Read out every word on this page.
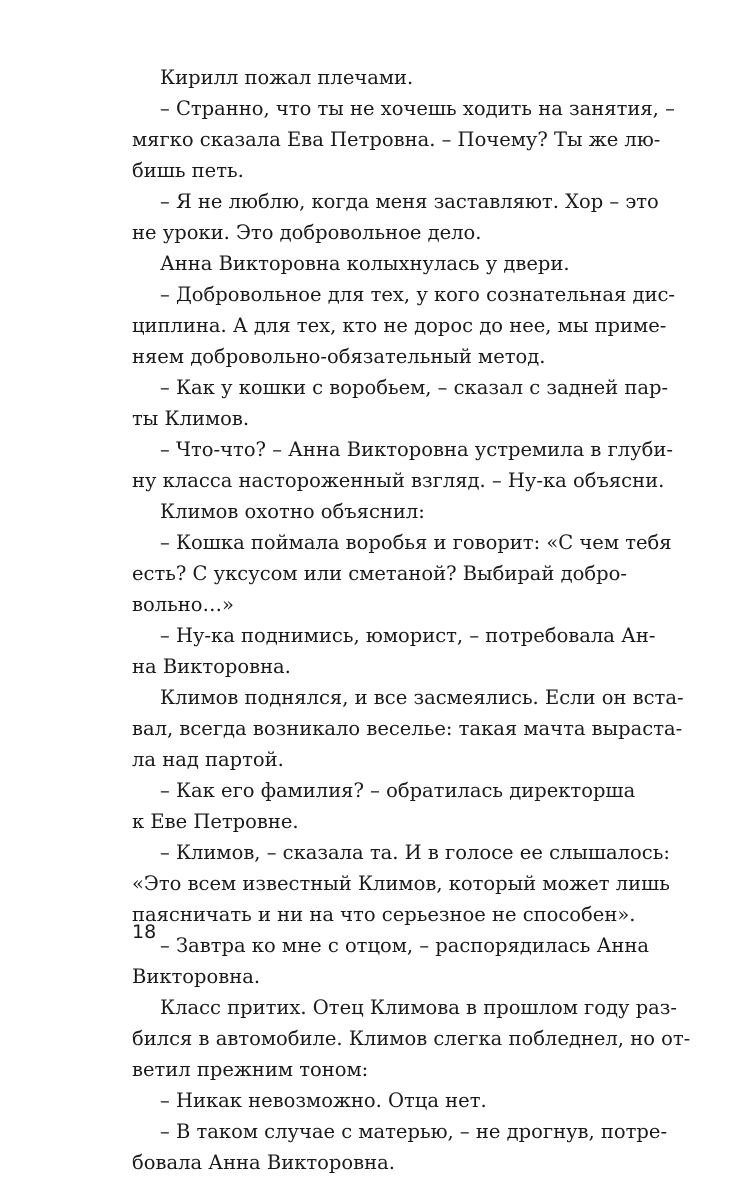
Кирилл пожал плечами.
– Странно, что ты не хочешь ходить на занятия, –
мягко сказала Ева Петровна. – Почему? Ты же лю-
бишь петь.
– Я не люблю, когда меня заставляют. Хор – это
не уроки. Это добровольное дело.
Анна Викторовна колыхнулась у двери.
– Добровольное для тех, у кого сознательная дис-
циплина. А для тех, кто не дорос до нее, мы приме-
няем добровольно-обязательный метод.
– Как у кошки с воробьем, – сказал с задней пар-
ты Климов.
– Что-что? – Анна Викторовна устремила в глуби-
ну класса настороженный взгляд. – Ну-ка объясни.
Климов охотно объяснил:
– Кошка поймала воробья и говорит: «С чем тебя
есть? С уксусом или сметаной? Выбирай добро-
вольно…»
– Ну-ка поднимись, юморист, – потребовала Ан-
на Викторовна.
Климов поднялся, и все засмеялись. Если он вста-
вал, всегда возникало веселье: такая мачта выраста-
ла над партой.
– Как его фамилия? – обратилась директорша
к Еве Петровне.
– Климов, – сказала та. И в голосе ее слышалось:
«Это всем известный Климов, который может лишь
паясничать и ни на что серьезное не способен».
– Завтра ко мне с отцом, – распорядилась Анна
Викторовна.
Класс притих. Отец Климова в прошлом году раз-
бился в автомобиле. Климов слегка побледнел, но от-
ветил прежним тоном:
– Никак невозможно. Отца нет.
– В таком случае с матерью, – не дрогнув, потре-
бовала Анна Викторовна.
18
